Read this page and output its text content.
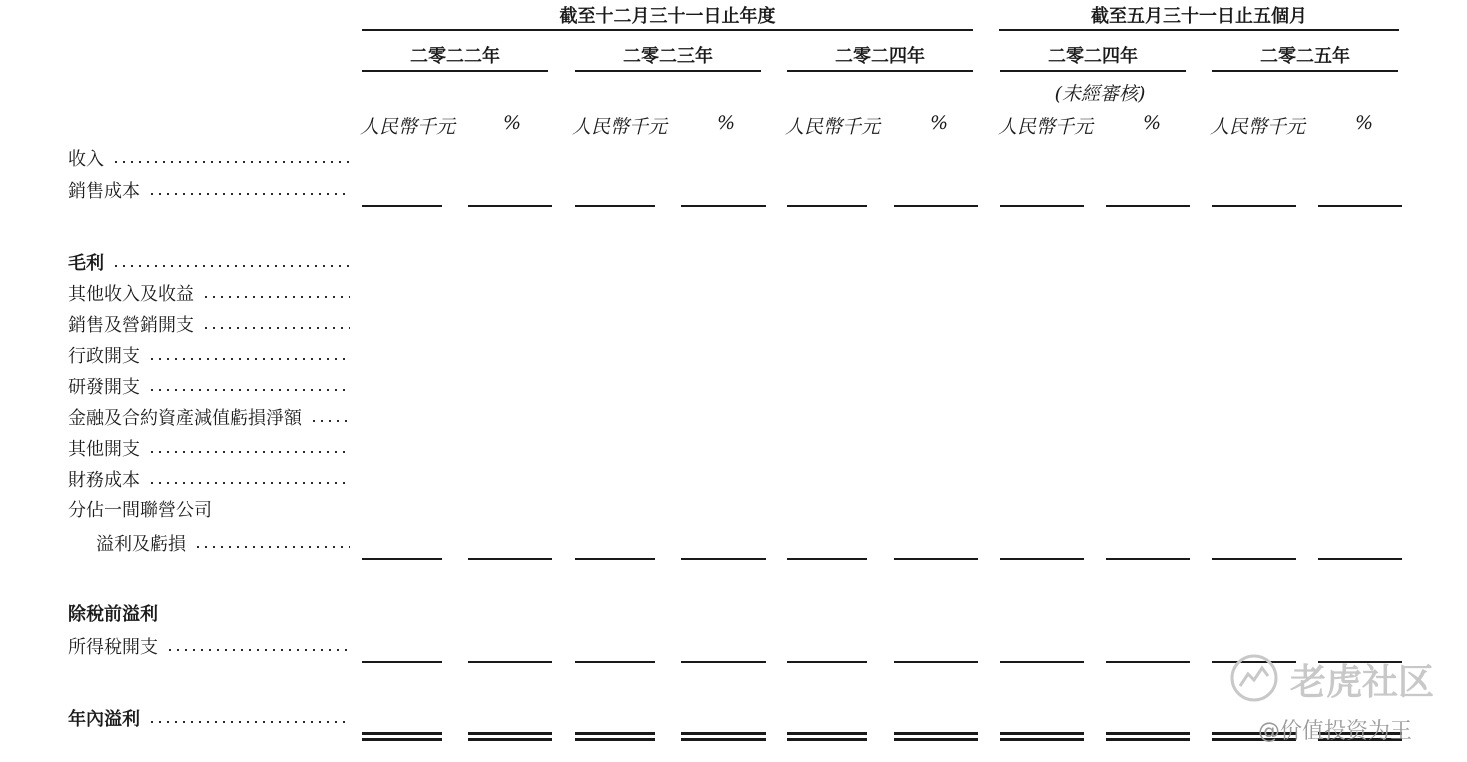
截至十二月三十一日止年度	截至五月三十一日止五個月
二零二二年	二零二三年	二零二四年	二零二四年	二零二五年
(未經審核)
人民幣千元	%	人民幣千元	%	人民幣千元	%	人民幣千元	%	人民幣千元	%
收入
銷售成本
毛利
其他收入及收益
銷售及營銷開支
行政開支
研發開支
金融及合約資產減值虧損淨額
其他開支
財務成本
分佔一間聯營公司
溢利及虧損
除稅前溢利
所得稅開支
年內溢利
老虎社区
@价值投资为王
